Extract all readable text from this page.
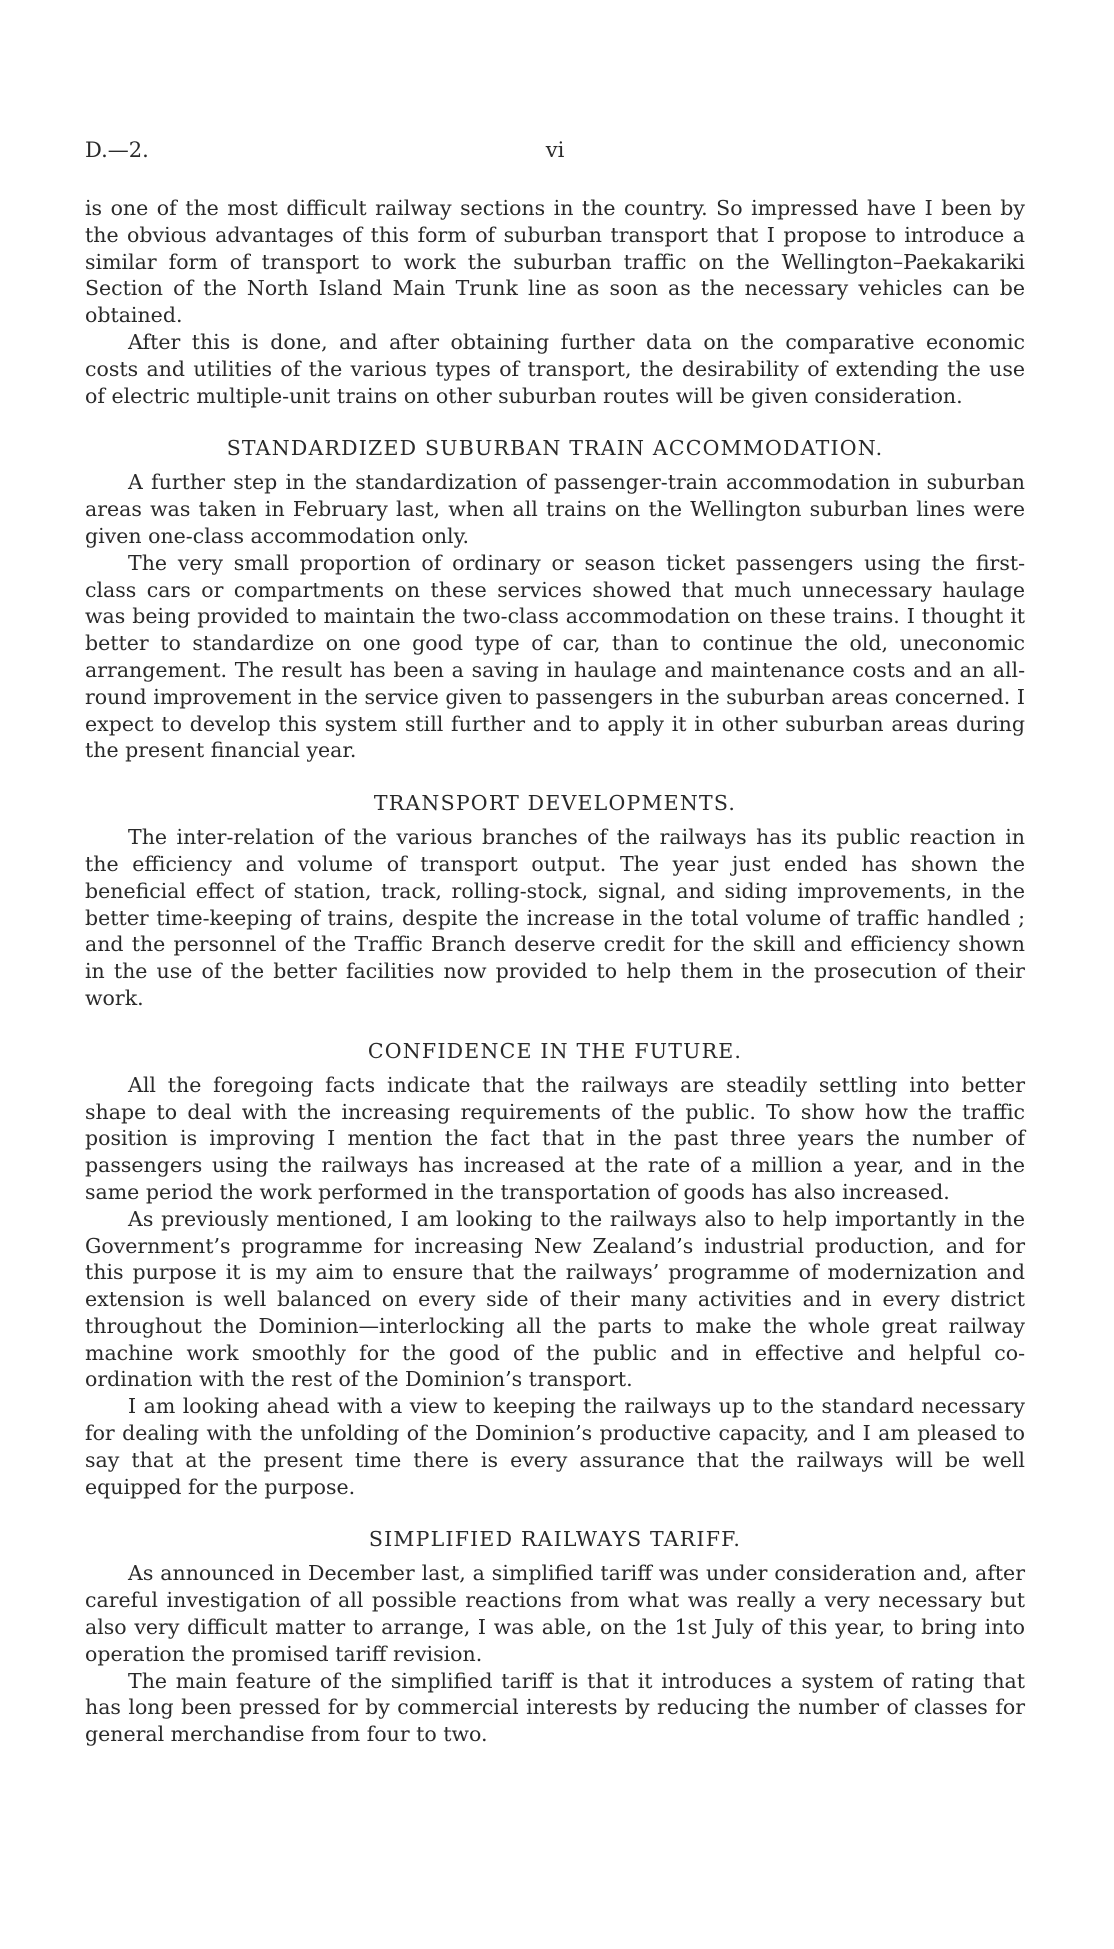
D.—2.	vi

is one of the most difficult railway sections in the country. So impressed have I been by the obvious advantages of this form of suburban transport that I propose to introduce a similar form of transport to work the suburban traffic on the Wellington–Paekakariki Section of the North Island Main Trunk line as soon as the necessary vehicles can be obtained.

After this is done, and after obtaining further data on the comparative economic costs and utilities of the various types of transport, the desirability of extending the use of electric multiple-unit trains on other suburban routes will be given consideration.

STANDARDIZED SUBURBAN TRAIN ACCOMMODATION.

A further step in the standardization of passenger-train accommodation in suburban areas was taken in February last, when all trains on the Wellington suburban lines were given one-class accommodation only.

The very small proportion of ordinary or season ticket passengers using the first-class cars or compartments on these services showed that much unnecessary haulage was being provided to maintain the two-class accommodation on these trains. I thought it better to standardize on one good type of car, than to continue the old, uneconomic arrangement. The result has been a saving in haulage and maintenance costs and an all-round improvement in the service given to passengers in the suburban areas concerned. I expect to develop this system still further and to apply it in other suburban areas during the present financial year.

TRANSPORT DEVELOPMENTS.

The inter-relation of the various branches of the railways has its public reaction in the efficiency and volume of transport output. The year just ended has shown the beneficial effect of station, track, rolling-stock, signal, and siding improvements, in the better time-keeping of trains, despite the increase in the total volume of traffic handled ; and the personnel of the Traffic Branch deserve credit for the skill and efficiency shown in the use of the better facilities now provided to help them in the prosecution of their work.

CONFIDENCE IN THE FUTURE.

All the foregoing facts indicate that the railways are steadily settling into better shape to deal with the increasing requirements of the public. To show how the traffic position is improving I mention the fact that in the past three years the number of passengers using the railways has increased at the rate of a million a year, and in the same period the work performed in the transportation of goods has also increased.

As previously mentioned, I am looking to the railways also to help importantly in the Government’s programme for increasing New Zealand’s industrial production, and for this purpose it is my aim to ensure that the railways’ programme of modernization and extension is well balanced on every side of their many activities and in every district throughout the Dominion—interlocking all the parts to make the whole great railway machine work smoothly for the good of the public and in effective and helpful co-ordination with the rest of the Dominion’s transport.

I am looking ahead with a view to keeping the railways up to the standard necessary for dealing with the unfolding of the Dominion’s productive capacity, and I am pleased to say that at the present time there is every assurance that the railways will be well equipped for the purpose.

SIMPLIFIED RAILWAYS TARIFF.

As announced in December last, a simplified tariff was under consideration and, after careful investigation of all possible reactions from what was really a very necessary but also very difficult matter to arrange, I was able, on the 1st July of this year, to bring into operation the promised tariff revision.

The main feature of the simplified tariff is that it introduces a system of rating that has long been pressed for by commercial interests by reducing the number of classes for general merchandise from four to two.
